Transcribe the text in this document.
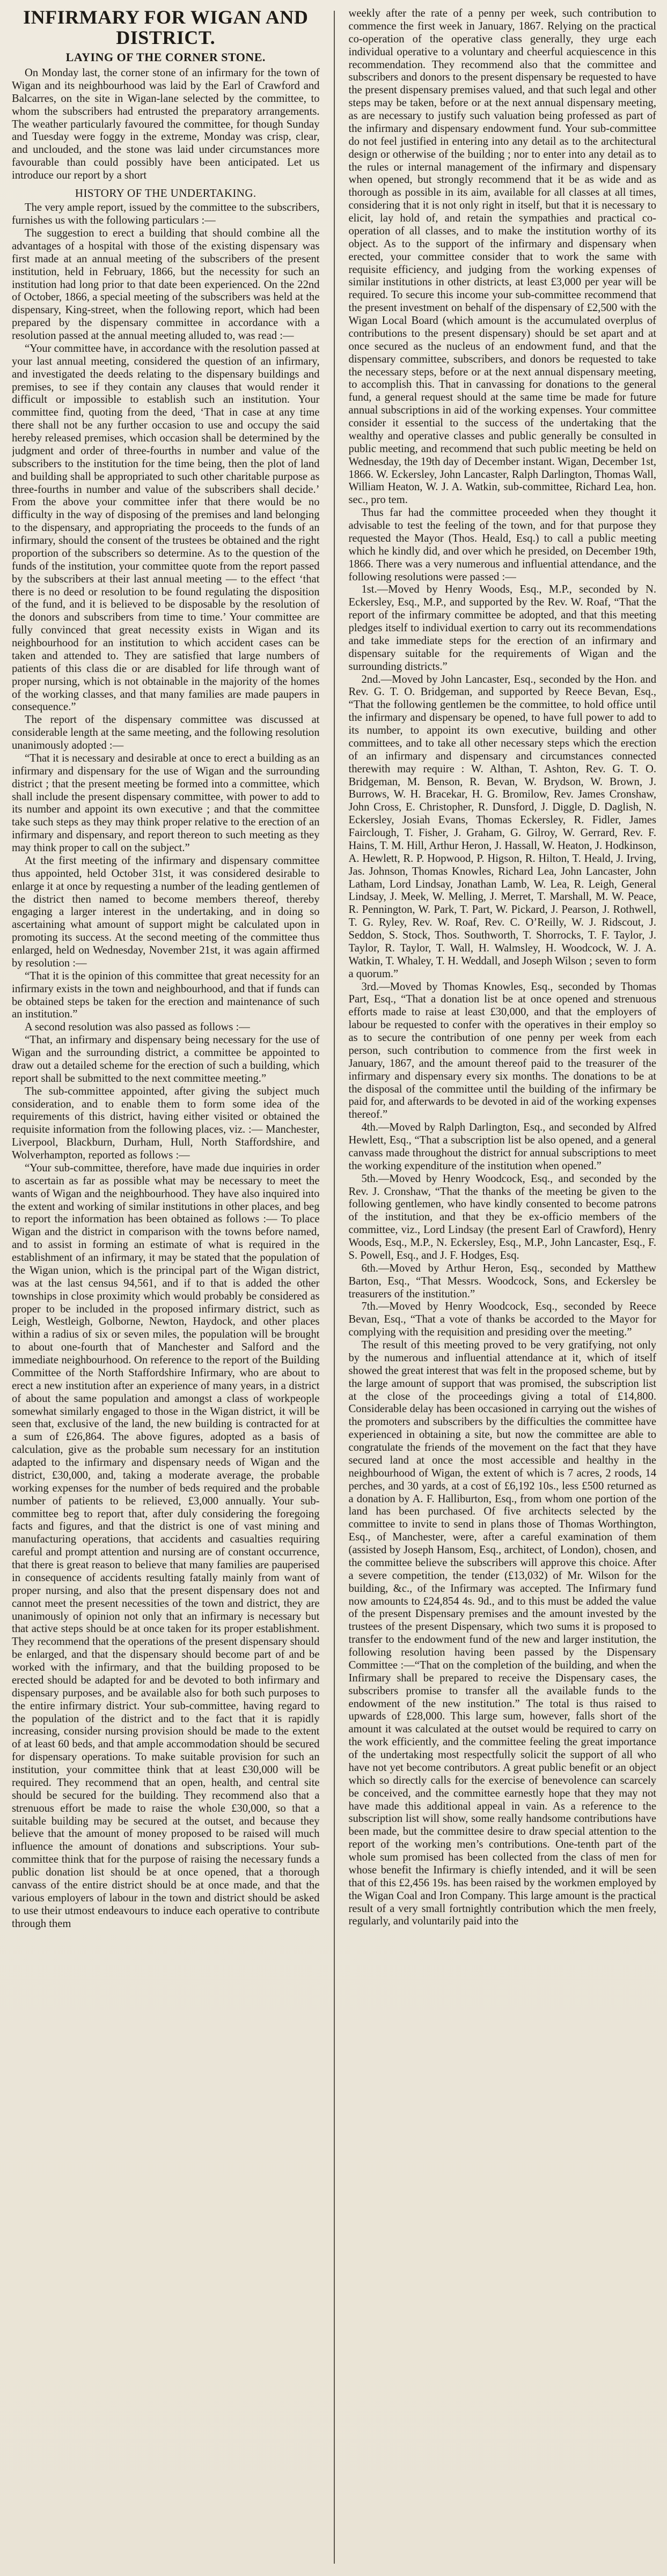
INFIRMARY FOR WIGAN AND DISTRICT.
LAYING OF THE CORNER STONE.

On Monday last, the corner stone of an infirmary for the town of Wigan and its neighbourhood was laid by the Earl of Crawford and Balcarres, on the site in Wigan-lane selected by the committee, to whom the subscribers had entrusted the preparatory arrangements. The weather particularly favoured the committee, for though Sunday and Tuesday were foggy in the extreme, Monday was crisp, clear, and unclouded, and the stone was laid under circumstances more favourable than could possibly have been anticipated. Let us introduce our report by a short

HISTORY OF THE UNDERTAKING.

The very ample report, issued by the committee to the subscribers, furnishes us with the following particulars :—

The suggestion to erect a building that should combine all the advantages of a hospital with those of the existing dispensary was first made at an annual meeting of the subscribers of the present institution, held in February, 1866, but the necessity for such an institution had long prior to that date been experienced. On the 22nd of October, 1866, a special meeting of the subscribers was held at the dispensary, King-street, when the following report, which had been prepared by the dispensary committee in accordance with a resolution passed at the annual meeting alluded to, was read :—

“Your committee have, in accordance with the resolution passed at your last annual meeting, considered the question of an infirmary, and investigated the deeds relating to the dispensary buildings and premises, to see if they contain any clauses that would render it difficult or impossible to establish such an institution. Your committee find, quoting from the deed, ‘That in case at any time there shall not be any further occasion to use and occupy the said hereby released premises, which occasion shall be determined by the judgment and order of three-fourths in number and value of the subscribers to the institution for the time being, then the plot of land and building shall be appropriated to such other charitable purpose as three-fourths in number and value of the subscribers shall decide.’ From the above your committee infer that there would be no difficulty in the way of disposing of the premises and land belonging to the dispensary, and appropriating the proceeds to the funds of an infirmary, should the consent of the trustees be obtained and the right proportion of the subscribers so determine. As to the question of the funds of the institution, your committee quote from the report passed by the subscribers at their last annual meeting — to the effect ‘that there is no deed or resolution to be found regulating the disposition of the fund, and it is believed to be disposable by the resolution of the donors and subscribers from time to time.’ Your committee are fully convinced that great necessity exists in Wigan and its neighbourhood for an institution to which accident cases can be taken and attended to. They are satisfied that large numbers of patients of this class die or are disabled for life through want of proper nursing, which is not obtainable in the majority of the homes of the working classes, and that many families are made paupers in consequence.”

The report of the dispensary committee was discussed at considerable length at the same meeting, and the following resolution unanimously adopted :—

“That it is necessary and desirable at once to erect a building as an infirmary and dispensary for the use of Wigan and the surrounding district ; that the present meeting be formed into a committee, which shall include the present dispensary committee, with power to add to its number and appoint its own executive ; and that the committee take such steps as they may think proper relative to the erection of an infirmary and dispensary, and report thereon to such meeting as they may think proper to call on the subject.”

At the first meeting of the infirmary and dispensary committee thus appointed, held October 31st, it was considered desirable to enlarge it at once by requesting a number of the leading gentlemen of the district then named to become members thereof, thereby engaging a larger interest in the undertaking, and in doing so ascertaining what amount of support might be calculated upon in promoting its success. At the second meeting of the committee thus enlarged, held on Wednesday, November 21st, it was again affirmed by resolution :—

“That it is the opinion of this committee that great necessity for an infirmary exists in the town and neighbourhood, and that if funds can be obtained steps be taken for the erection and maintenance of such an institution.”

A second resolution was also passed as follows :—

“That, an infirmary and dispensary being necessary for the use of Wigan and the surrounding district, a committee be appointed to draw out a detailed scheme for the erection of such a building, which report shall be submitted to the next committee meeting.”

The sub-committee appointed, after giving the subject much consideration, and to enable them to form some idea of the requirements of this district, having either visited or obtained the requisite information from the following places, viz. :— Manchester, Liverpool, Blackburn, Durham, Hull, North Staffordshire, and Wolverhampton, reported as follows :—

“Your sub-committee, therefore, have made due inquiries in order to ascertain as far as possible what may be necessary to meet the wants of Wigan and the neighbourhood. They have also inquired into the extent and working of similar institutions in other places, and beg to report the information has been obtained as follows :— To place Wigan and the district in comparison with the towns before named, and to assist in forming an estimate of what is required in the establishment of an infirmary, it may be stated that the population of the Wigan union, which is the principal part of the Wigan district, was at the last census 94,561, and if to that is added the other townships in close proximity which would probably be considered as proper to be included in the proposed infirmary district, such as Leigh, Westleigh, Golborne, Newton, Haydock, and other places within a radius of six or seven miles, the population will be brought to about one-fourth that of Manchester and Salford and the immediate neighbourhood. On reference to the report of the Building Committee of the North Staffordshire Infirmary, who are about to erect a new institution after an experience of many years, in a district of about the same population and amongst a class of workpeople somewhat similarly engaged to those in the Wigan district, it will be seen that, exclusive of the land, the new building is contracted for at a sum of £26,864. The above figures, adopted as a basis of calculation, give as the probable sum necessary for an institution adapted to the infirmary and dispensary needs of Wigan and the district, £30,000, and, taking a moderate average, the probable working expenses for the number of beds required and the probable number of patients to be relieved, £3,000 annually. Your sub-committee beg to report that, after duly considering the foregoing facts and figures, and that the district is one of vast mining and manufacturing operations, that accidents and casualties requiring careful and prompt attention and nursing are of constant occurrence, that there is great reason to believe that many families are pauperised in consequence of accidents resulting fatally mainly from want of proper nursing, and also that the present dispensary does not and cannot meet the present necessities of the town and district, they are unanimously of opinion not only that an infirmary is necessary but that active steps should be at once taken for its proper establishment. They recommend that the operations of the present dispensary should be enlarged, and that the dispensary should become part of and be worked with the infirmary, and that the building proposed to be erected should be adapted for and be devoted to both infirmary and dispensary purposes, and be available also for both such purposes to the entire infirmary district. Your sub-committee, having regard to the population of the district and to the fact that it is rapidly increasing, consider nursing provision should be made to the extent of at least 60 beds, and that ample accommodation should be secured for dispensary operations. To make suitable provision for such an institution, your committee think that at least £30,000 will be required. They recommend that an open, health, and central site should be secured for the building. They recommend also that a strenuous effort be made to raise the whole £30,000, so that a suitable building may be secured at the outset, and because they believe that the amount of money proposed to be raised will much influence the amount of donations and subscriptions. Your sub-committee think that for the purpose of raising the necessary funds a public donation list should be at once opened, that a thorough canvass of the entire district should be at once made, and that the various employers of labour in the town and district should be asked to use their utmost endeavours to induce each operative to contribute through them

weekly after the rate of a penny per week, such contribution to commence the first week in January, 1867. Relying on the practical co-operation of the operative class generally, they urge each individual operative to a voluntary and cheerful acquiescence in this recommendation. They recommend also that the committee and subscribers and donors to the present dispensary be requested to have the present dispensary premises valued, and that such legal and other steps may be taken, before or at the next annual dispensary meeting, as are necessary to justify such valuation being professed as part of the infirmary and dispensary endowment fund. Your sub-committee do not feel justified in entering into any detail as to the architectural design or otherwise of the building ; nor to enter into any detail as to the rules or internal management of the infirmary and dispensary when opened, but strongly recommend that it be as wide and as thorough as possible in its aim, available for all classes at all times, considering that it is not only right in itself, but that it is necessary to elicit, lay hold of, and retain the sympathies and practical co-operation of all classes, and to make the institution worthy of its object. As to the support of the infirmary and dispensary when erected, your committee consider that to work the same with requisite efficiency, and judging from the working expenses of similar institutions in other districts, at least £3,000 per year will be required. To secure this income your sub-committee recommend that the present investment on behalf of the dispensary of £2,500 with the Wigan Local Board (which amount is the accumulated overplus of contributions to the present dispensary) should be set apart and at once secured as the nucleus of an endowment fund, and that the dispensary committee, subscribers, and donors be requested to take the necessary steps, before or at the next annual dispensary meeting, to accomplish this. That in canvassing for donations to the general fund, a general request should at the same time be made for future annual subscriptions in aid of the working expenses. Your committee consider it essential to the success of the undertaking that the wealthy and operative classes and public generally be consulted in public meeting, and recommend that such public meeting be held on Wednesday, the 19th day of December instant. Wigan, December 1st, 1866. W. Eckersley, John Lancaster, Ralph Darlington, Thomas Wall, William Heaton, W. J. A. Watkin, sub-committee, Richard Lea, hon. sec., pro tem.

Thus far had the committee proceeded when they thought it advisable to test the feeling of the town, and for that purpose they requested the Mayor (Thos. Heald, Esq.) to call a public meeting which he kindly did, and over which he presided, on December 19th, 1866. There was a very numerous and influential attendance, and the following resolutions were passed :—

1st.—Moved by Henry Woods, Esq., M.P., seconded by N. Eckersley, Esq., M.P., and supported by the Rev. W. Roaf, “That the report of the infirmary committee be adopted, and that this meeting pledges itself to individual exertion to carry out its recommendations and take immediate steps for the erection of an infirmary and dispensary suitable for the requirements of Wigan and the surrounding districts.”

2nd.—Moved by John Lancaster, Esq., seconded by the Hon. and Rev. G. T. O. Bridgeman, and supported by Reece Bevan, Esq., “That the following gentlemen be the committee, to hold office until the infirmary and dispensary be opened, to have full power to add to its number, to appoint its own executive, building and other committees, and to take all other necessary steps which the erection of an infirmary and dispensary and circumstances connected therewith may require : W. Althan, T. Ashton, Rev. G. T. O. Bridgeman, M. Benson, R. Bevan, W. Brydson, W. Brown, J. Burrows, W. H. Bracekar, H. G. Bromilow, Rev. James Cronshaw, John Cross, E. Christopher, R. Dunsford, J. Diggle, D. Daglish, N. Eckersley, Josiah Evans, Thomas Eckersley, R. Fidler, James Fairclough, T. Fisher, J. Graham, G. Gilroy, W. Gerrard, Rev. F. Hains, T. M. Hill, Arthur Heron, J. Hassall, W. Heaton, J. Hodkinson, A. Hewlett, R. P. Hopwood, P. Higson, R. Hilton, T. Heald, J. Irving, Jas. Johnson, Thomas Knowles, Richard Lea, John Lancaster, John Latham, Lord Lindsay, Jonathan Lamb, W. Lea, R. Leigh, General Lindsay, J. Meek, W. Melling, J. Merret, T. Marshall, M. W. Peace, R. Pennington, W. Park, T. Part, W. Pickard, J. Pearson, J. Rothwell, T. G. Ryley, Rev. W. Roaf, Rev. C. O’Reilly, W. J. Ridscout, J. Seddon, S. Stock, Thos. Southworth, T. Shorrocks, T. F. Taylor, J. Taylor, R. Taylor, T. Wall, H. Walmsley, H. Woodcock, W. J. A. Watkin, T. Whaley, T. H. Weddall, and Joseph Wilson ; seven to form a quorum.”

3rd.—Moved by Thomas Knowles, Esq., seconded by Thomas Part, Esq., “That a donation list be at once opened and strenuous efforts made to raise at least £30,000, and that the employers of labour be requested to confer with the operatives in their employ so as to secure the contribution of one penny per week from each person, such contribution to commence from the first week in January, 1867, and the amount thereof paid to the treasurer of the infirmary and dispensary every six months. The donations to be at the disposal of the committee until the building of the infirmary be paid for, and afterwards to be devoted in aid of the working expenses thereof.”

4th.—Moved by Ralph Darlington, Esq., and seconded by Alfred Hewlett, Esq., “That a subscription list be also opened, and a general canvass made throughout the district for annual subscriptions to meet the working expenditure of the institution when opened.”

5th.—Moved by Henry Woodcock, Esq., and seconded by the Rev. J. Cronshaw, “That the thanks of the meeting be given to the following gentlemen, who have kindly consented to become patrons of the institution, and that they be ex-officio members of the committee, viz., Lord Lindsay (the present Earl of Crawford), Henry Woods, Esq., M.P., N. Eckersley, Esq., M.P., John Lancaster, Esq., F. S. Powell, Esq., and J. F. Hodges, Esq.

6th.—Moved by Arthur Heron, Esq., seconded by Matthew Barton, Esq., “That Messrs. Woodcock, Sons, and Eckersley be treasurers of the institution.”

7th.—Moved by Henry Woodcock, Esq., seconded by Reece Bevan, Esq., “That a vote of thanks be accorded to the Mayor for complying with the requisition and presiding over the meeting.”

The result of this meeting proved to be very gratifying, not only by the numerous and influential attendance at it, which of itself showed the great interest that was felt in the proposed scheme, but by the large amount of support that was promised, the subscription list at the close of the proceedings giving a total of £14,800. Considerable delay has been occasioned in carrying out the wishes of the promoters and subscribers by the difficulties the committee have experienced in obtaining a site, but now the committee are able to congratulate the friends of the movement on the fact that they have secured land at once the most accessible and healthy in the neighbourhood of Wigan, the extent of which is 7 acres, 2 roods, 14 perches, and 30 yards, at a cost of £6,192 10s., less £500 returned as a donation by A. F. Halliburton, Esq., from whom one portion of the land has been purchased. Of five architects selected by the committee to invite to send in plans those of Thomas Worthington, Esq., of Manchester, were, after a careful examination of them (assisted by Joseph Hansom, Esq., architect, of London), chosen, and the committee believe the subscribers will approve this choice. After a severe competition, the tender (£13,032) of Mr. Wilson for the building, &c., of the Infirmary was accepted. The Infirmary fund now amounts to £24,854 4s. 9d., and to this must be added the value of the present Dispensary premises and the amount invested by the trustees of the present Dispensary, which two sums it is proposed to transfer to the endowment fund of the new and larger institution, the following resolution having been passed by the Dispensary Committee :—“That on the completion of the building, and when the Infirmary shall be prepared to receive the Dispensary cases, the subscribers promise to transfer all the available funds to the endowment of the new institution.” The total is thus raised to upwards of £28,000. This large sum, however, falls short of the amount it was calculated at the outset would be required to carry on the work efficiently, and the committee feeling the great importance of the undertaking most respectfully solicit the support of all who have not yet become contributors. A great public benefit or an object which so directly calls for the exercise of benevolence can scarcely be conceived, and the committee earnestly hope that they may not have made this additional appeal in vain. As a reference to the subscription list will show, some really handsome contributions have been made, but the committee desire to draw special attention to the report of the working men’s contributions. One-tenth part of the whole sum promised has been collected from the class of men for whose benefit the Infirmary is chiefly intended, and it will be seen that of this £2,456 19s. has been raised by the workmen employed by the Wigan Coal and Iron Company. This large amount is the practical result of a very small fortnightly contribution which the men freely, regularly, and voluntarily paid into the
